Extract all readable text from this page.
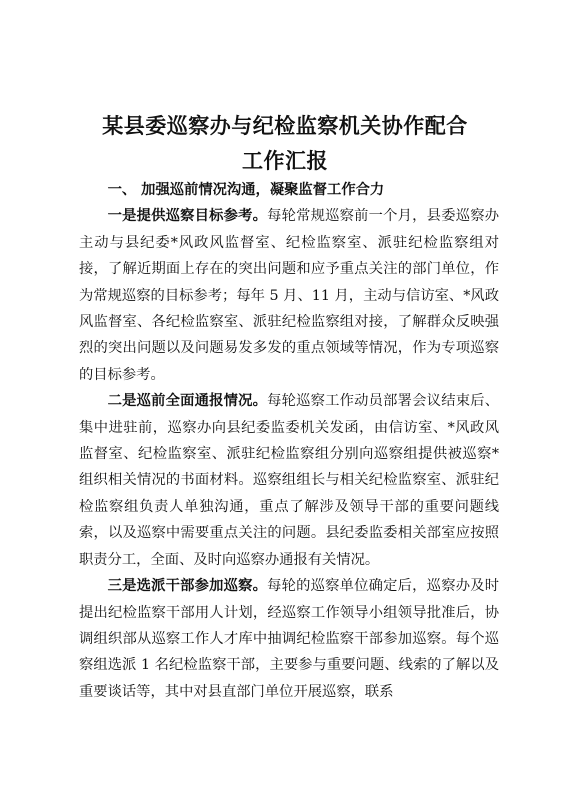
某县委巡察办与纪检监察机关协作配合
工作汇报

一、 加强巡前情况沟通，凝聚监督工作合力

一是提供巡察目标参考。每轮常规巡察前一个月，县委巡察办主动与县纪委*风政风监督室、纪检监察室、派驻纪检监察组对接，了解近期面上存在的突出问题和应予重点关注的部门单位，作为常规巡察的目标参考；每年 5 月、11 月，主动与信访室、*风政风监督室、各纪检监察室、派驻纪检监察组对接，了解群众反映强烈的突出问题以及问题易发多发的重点领域等情况，作为专项巡察的目标参考。

二是巡前全面通报情况。每轮巡察工作动员部署会议结束后、集中进驻前，巡察办向县纪委监委机关发函，由信访室、*风政风监督室、纪检监察室、派驻纪检监察组分别向巡察组提供被巡察*组织相关情况的书面材料。巡察组组长与相关纪检监察室、派驻纪检监察组负责人单独沟通，重点了解涉及领导干部的重要问题线索，以及巡察中需要重点关注的问题。县纪委监委相关部室应按照职责分工，全面、及时向巡察办通报有关情况。

三是选派干部参加巡察。每轮的巡察单位确定后，巡察办及时提出纪检监察干部用人计划，经巡察工作领导小组领导批准后，协调组织部从巡察工作人才库中抽调纪检监察干部参加巡察。每个巡察组选派 1 名纪检监察干部，主要参与重要问题、线索的了解以及重要谈话等，其中对县直部门单位开展巡察，联系
